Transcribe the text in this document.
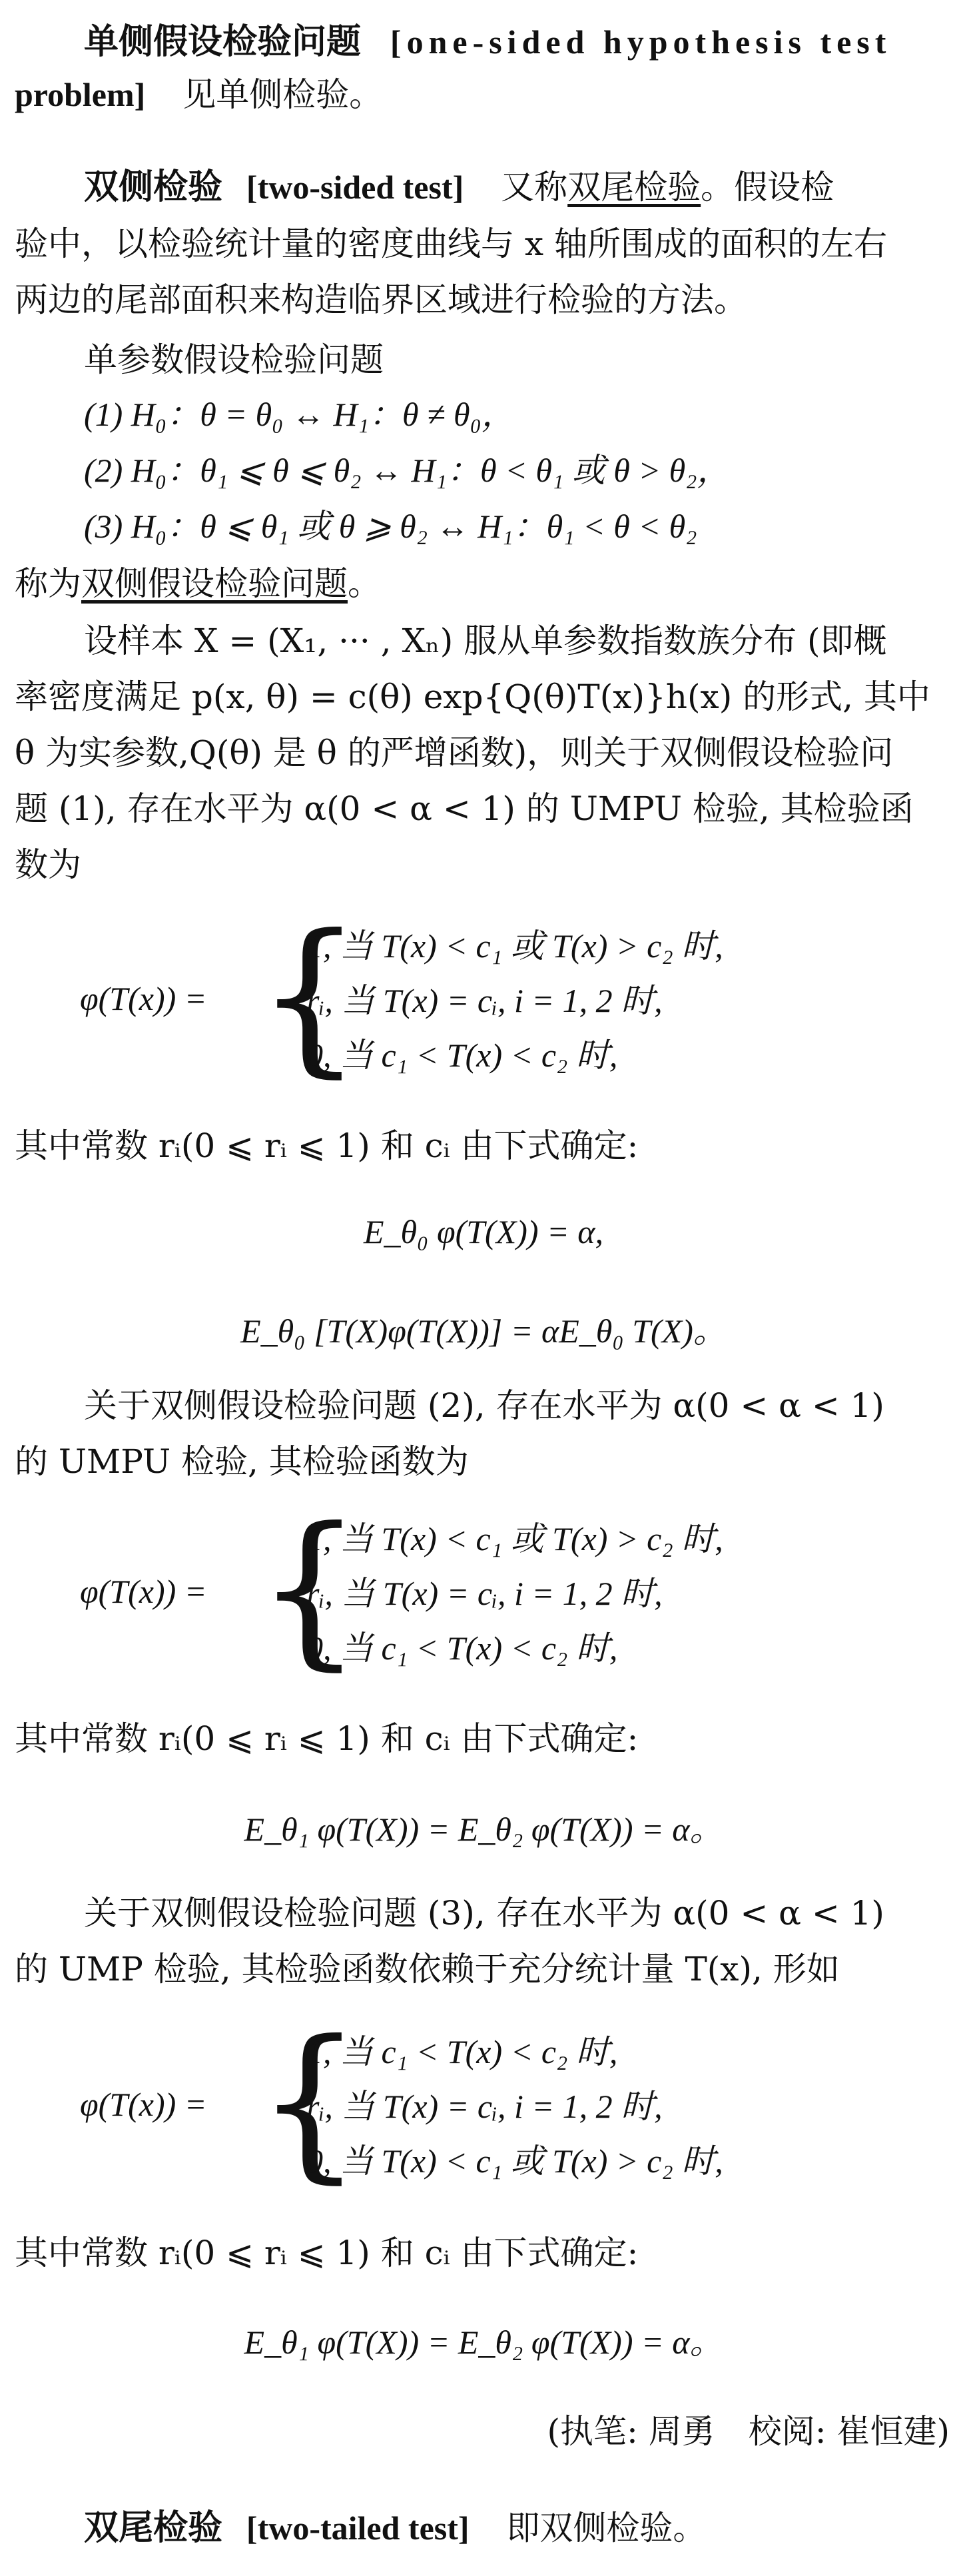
单侧假设检验问题 [one-sided hypothesis test
problem] 见单侧检验。
双侧检验 [two-sided test] 又称双尾检验。假设检
验中，以检验统计量的密度曲线与 x 轴所围成的面积的左右
两边的尾部面积来构造临界区域进行检验的方法。
单参数假设检验问题
(1) H₀：θ = θ₀ ↔ H₁：θ ≠ θ₀，
(2) H₀：θ₁ ⩽ θ ⩽ θ₂ ↔ H₁：θ < θ₁ 或 θ > θ₂，
(3) H₀：θ ⩽ θ₁ 或 θ ⩾ θ₂ ↔ H₁：θ₁ < θ < θ₂
称为双侧假设检验问题。
设样本 X = (X₁, ··· , Xₙ) 服从单参数指数族分布 (即概
率密度满足 p(x, θ) = c(θ) exp{Q(θ)T(x)}h(x) 的形式, 其中
θ 为实参数,Q(θ) 是 θ 的严增函数)，则关于双侧假设检验问
题 (1), 存在水平为 α(0 < α < 1) 的 UMPU 检验, 其检验函
数为
φ(T(x)) = {
1, 当 T(x) < c₁ 或 T(x) > c₂ 时,
rᵢ, 当 T(x) = cᵢ, i = 1, 2 时,
0, 当 c₁ < T(x) < c₂ 时,
其中常数 rᵢ(0 ⩽ rᵢ ⩽ 1) 和 cᵢ 由下式确定:
E_θ₀ φ(T(X)) = α,
E_θ₀ [T(X)φ(T(X))] = αE_θ₀ T(X)。
关于双侧假设检验问题 (2), 存在水平为 α(0 < α < 1)
的 UMPU 检验, 其检验函数为
φ(T(x)) = {
1, 当 T(x) < c₁ 或 T(x) > c₂ 时,
rᵢ, 当 T(x) = cᵢ, i = 1, 2 时,
0, 当 c₁ < T(x) < c₂ 时,
其中常数 rᵢ(0 ⩽ rᵢ ⩽ 1) 和 cᵢ 由下式确定:
E_θ₁ φ(T(X)) = E_θ₂ φ(T(X)) = α。
关于双侧假设检验问题 (3), 存在水平为 α(0 < α < 1)
的 UMP 检验, 其检验函数依赖于充分统计量 T(x), 形如
φ(T(x)) = {
1, 当 c₁ < T(x) < c₂ 时,
rᵢ, 当 T(x) = cᵢ, i = 1, 2 时,
0, 当 T(x) < c₁ 或 T(x) > c₂ 时,
其中常数 rᵢ(0 ⩽ rᵢ ⩽ 1) 和 cᵢ 由下式确定:
E_θ₁ φ(T(X)) = E_θ₂ φ(T(X)) = α。
(执笔: 周勇　校阅: 崔恒建)
双尾检验 [two-tailed test] 即双侧检验。
